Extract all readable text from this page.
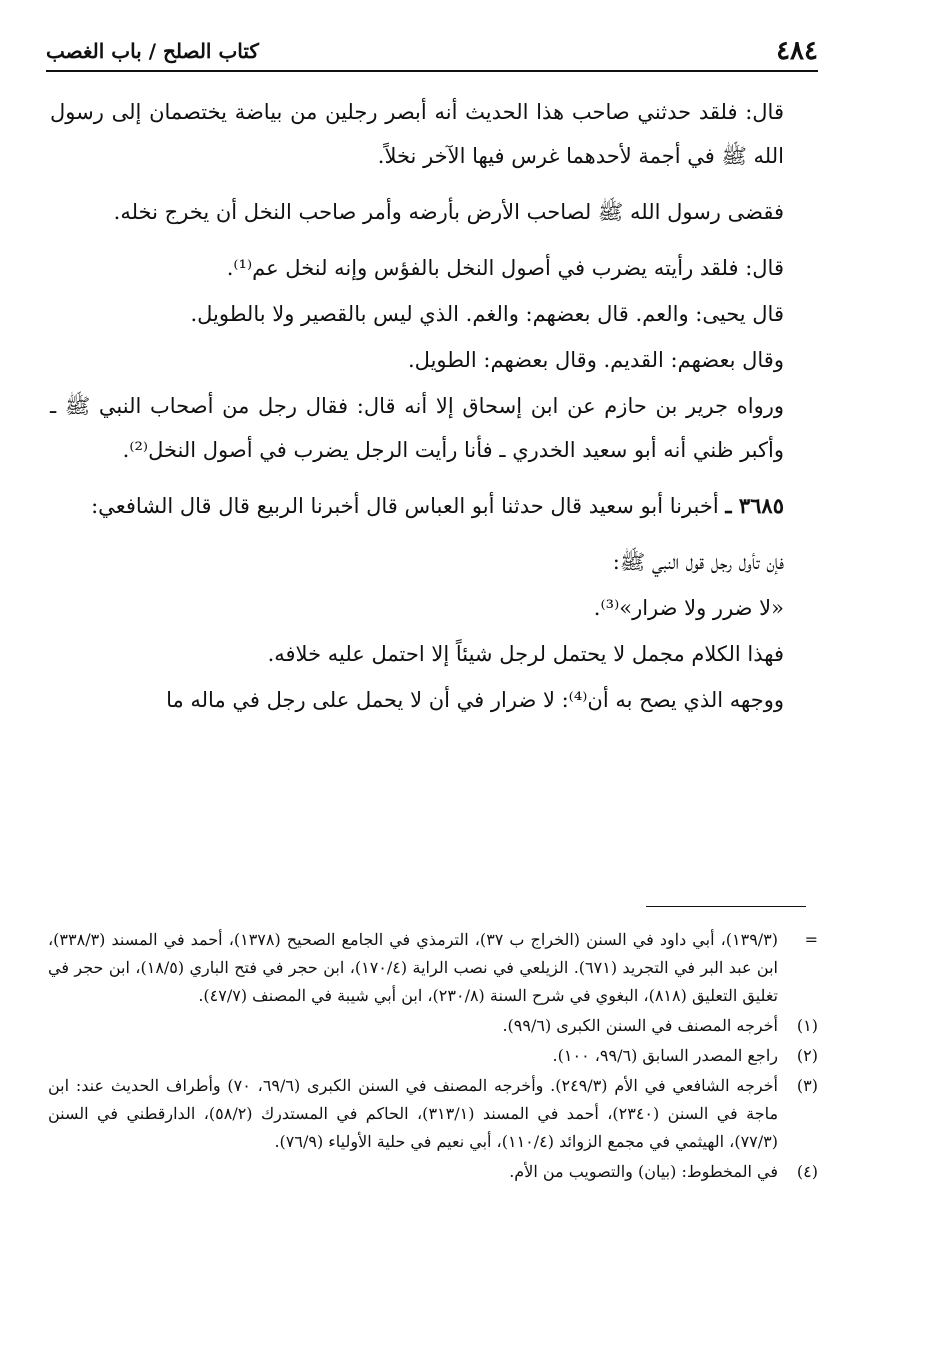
٤٨٤
كتاب الصلح / باب الغصب

قال: فلقد حدثني صاحب هذا الحديث أنه أبصر رجلين من بياضة يختصمان إلى رسول الله ﷺ في أجمة لأحدهما غرس فيها الآخر نخلاً.

فقضى رسول الله ﷺ لصاحب الأرض بأرضه وأمر صاحب النخل أن يخرج نخله.

قال: فلقد رأيته يضرب في أصول النخل بالفؤس وإنه لنخل عم⁽¹⁾.

قال يحيى: والعم. قال بعضهم: والغم. الذي ليس بالقصير ولا بالطويل.

وقال بعضهم: القديم. وقال بعضهم: الطويل.

ورواه جرير بن حازم عن ابن إسحاق إلا أنه قال: فقال رجل من أصحاب النبي ﷺ ـ وأكبر ظني أنه أبو سعيد الخدري ـ فأنا رأيت الرجل يضرب في أصول النخل⁽²⁾.

٣٦٨٥ ـ أخبرنا أبو سعيد قال حدثنا أبو العباس قال أخبرنا الربيع قال قال الشافعي:

فإن تأول رجل قول النبي ﷺ:

«لا ضرر ولا ضرار»⁽³⁾.

فهذا الكلام مجمل لا يحتمل لرجل شيئاً إلا احتمل عليه خلافه.

ووجهه الذي يصح به أن⁽⁴⁾: لا ضرار في أن لا يحمل على رجل في ماله ما

=
(١٣٩/٣)، أبي داود في السنن (الخراج ب ٣٧)، الترمذي في الجامع الصحيح (١٣٧٨)، أحمد في المسند (٣٣٨/٣)، ابن عبد البر في التجريد (٦٧١). الزيلعي في نصب الراية (١٧٠/٤)، ابن حجر في فتح الباري (١٨/٥)، ابن حجر في تغليق التعليق (٨١٨)، البغوي في شرح السنة (٢٣٠/٨)، ابن أبي شيبة في المصنف (٤٧/٧).
(١)
أخرجه المصنف في السنن الكبرى (٩٩/٦).
(٢)
راجع المصدر السابق (٩٩/٦، ١٠٠).
(٣)
أخرجه الشافعي في الأم (٢٤٩/٣). وأخرجه المصنف في السنن الكبرى (٦٩/٦، ٧٠) وأطراف الحديث عند: ابن ماجة في السنن (٢٣٤٠)، أحمد في المسند (٣١٣/١)، الحاكم في المستدرك (٥٨/٢)، الدارقطني في السنن (٧٧/٣)، الهيثمي في مجمع الزوائد (١١٠/٤)، أبي نعيم في حلية الأولياء (٧٦/٩).
(٤)
في المخطوط: (بيان) والتصويب من الأم.
